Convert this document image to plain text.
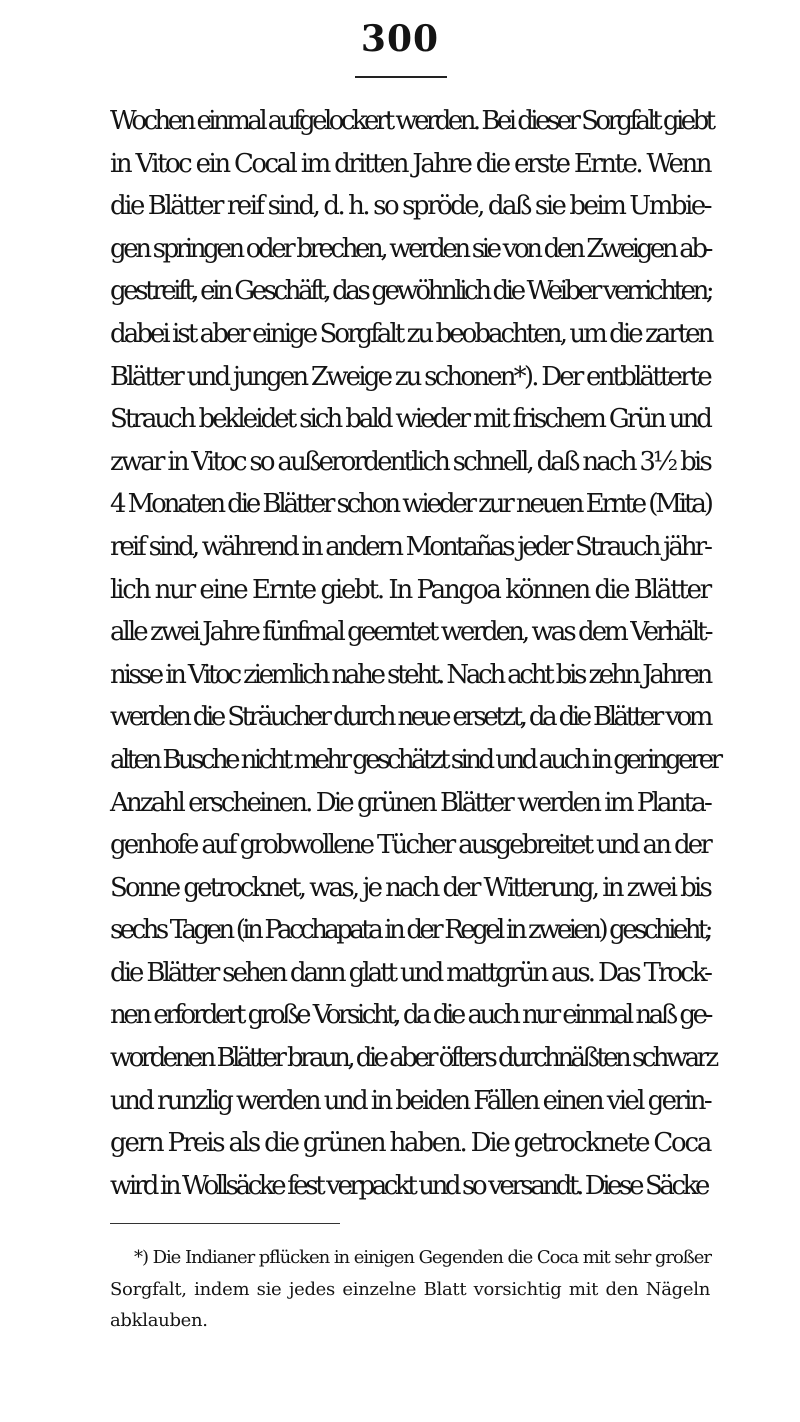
300
Wochen einmal aufgelockert werden. Bei dieser Sorgfalt giebt
in Vitoc ein Cocal im dritten Jahre die erste Ernte. Wenn
die Blätter reif sind, d. h. so spröde, daß sie beim Umbie-
gen springen oder brechen, werden sie von den Zweigen ab-
gestreift, ein Geschäft, das gewöhnlich die Weiber verrichten;
dabei ist aber einige Sorgfalt zu beobachten, um die zarten
Blätter und jungen Zweige zu schonen*). Der entblätterte
Strauch bekleidet sich bald wieder mit frischem Grün und
zwar in Vitoc so außerordentlich schnell, daß nach 3½ bis
4 Monaten die Blätter schon wieder zur neuen Ernte (Mita)
reif sind, während in andern Montañas jeder Strauch jähr-
lich nur eine Ernte giebt. In Pangoa können die Blätter
alle zwei Jahre fünfmal geerntet werden, was dem Verhält-
nisse in Vitoc ziemlich nahe steht. Nach acht bis zehn Jahren
werden die Sträucher durch neue ersetzt, da die Blätter vom
alten Busche nicht mehr geschätzt sind und auch in geringerer
Anzahl erscheinen. Die grünen Blätter werden im Planta-
genhofe auf grobwollene Tücher ausgebreitet und an der
Sonne getrocknet, was, je nach der Witterung, in zwei bis
sechs Tagen (in Pacchapata in der Regel in zweien) geschieht;
die Blätter sehen dann glatt und mattgrün aus. Das Trock-
nen erfordert große Vorsicht, da die auch nur einmal naß ge-
wordenen Blätter braun, die aber öfters durchnäßten schwarz
und runzlig werden und in beiden Fällen einen viel gerin-
gern Preis als die grünen haben. Die getrocknete Coca
wird in Wollsäcke fest verpackt und so versandt. Diese Säcke
*) Die Indianer pflücken in einigen Gegenden die Coca mit sehr großer
Sorgfalt, indem sie jedes einzelne Blatt vorsichtig mit den Nägeln
abklauben.
